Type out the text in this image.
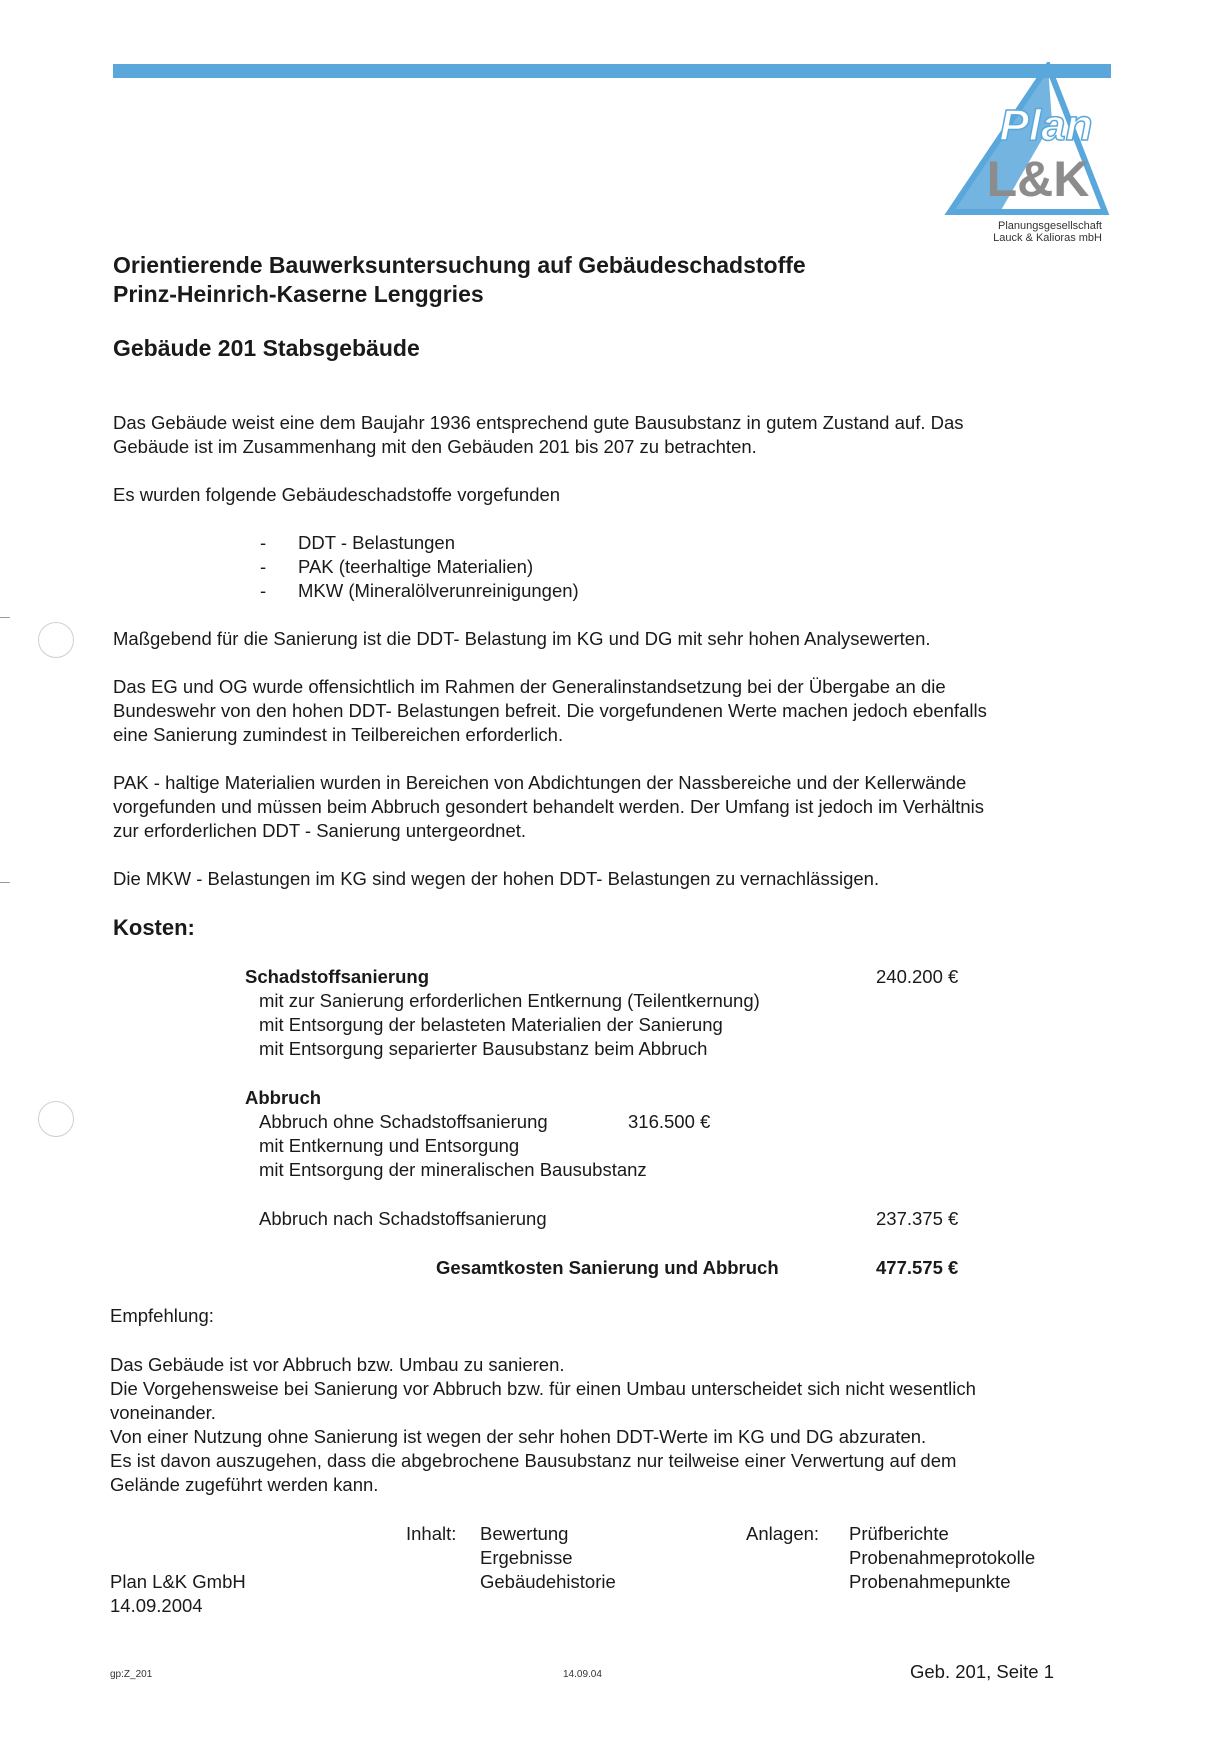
Plan
L&K
Planungsgesellschaft
Lauck & Kalioras mbH
Orientierende Bauwerksuntersuchung auf Gebäudeschadstoffe
Prinz-Heinrich-Kaserne Lenggries
Gebäude 201 Stabsgebäude
Das Gebäude weist eine dem Baujahr 1936 entsprechend gute Bausubstanz in gutem Zustand auf. Das
Gebäude ist im Zusammenhang mit den Gebäuden 201 bis 207 zu betrachten.
Es wurden folgende Gebäudeschadstoffe vorgefunden
- DDT - Belastungen
- PAK (teerhaltige Materialien)
- MKW (Mineralölverunreinigungen)
Maßgebend für die Sanierung ist die DDT- Belastung im KG und DG mit sehr hohen Analysewerten.
Das EG und OG wurde offensichtlich im Rahmen der Generalinstandsetzung bei der Übergabe an die
Bundeswehr von den hohen DDT- Belastungen befreit. Die vorgefundenen Werte machen jedoch ebenfalls
eine Sanierung zumindest in Teilbereichen erforderlich.
PAK - haltige Materialien wurden in Bereichen von Abdichtungen der Nassbereiche und der Kellerwände
vorgefunden und müssen beim Abbruch gesondert behandelt werden. Der Umfang ist jedoch im Verhältnis
zur erforderlichen DDT - Sanierung untergeordnet.
Die MKW - Belastungen im KG sind wegen der hohen DDT- Belastungen zu vernachlässigen.
Kosten:
Schadstoffsanierung	240.200 €
mit zur Sanierung erforderlichen Entkernung (Teilentkernung)
mit Entsorgung der belasteten Materialien der Sanierung
mit Entsorgung separierter Bausubstanz beim Abbruch
Abbruch
Abbruch ohne Schadstoffsanierung	316.500 €
mit Entkernung und Entsorgung
mit Entsorgung der mineralischen Bausubstanz
Abbruch nach Schadstoffsanierung	237.375 €
Gesamtkosten Sanierung und Abbruch	477.575 €
Empfehlung:
Das Gebäude ist vor Abbruch bzw. Umbau zu sanieren.
Die Vorgehensweise bei Sanierung vor Abbruch bzw. für einen Umbau unterscheidet sich nicht wesentlich
voneinander.
Von einer Nutzung ohne Sanierung ist wegen der sehr hohen DDT-Werte im KG und DG abzuraten.
Es ist davon auszugehen, dass die abgebrochene Bausubstanz nur teilweise einer Verwertung auf dem
Gelände zugeführt werden kann.
Inhalt: Bewertung
Ergebnisse
Gebäudehistorie
Anlagen: Prüfberichte
Probenahmeprotokolle
Probenahmepunkte
Plan L&K GmbH
14.09.2004
gp:Z_201	14.09.04	Geb. 201, Seite 1
